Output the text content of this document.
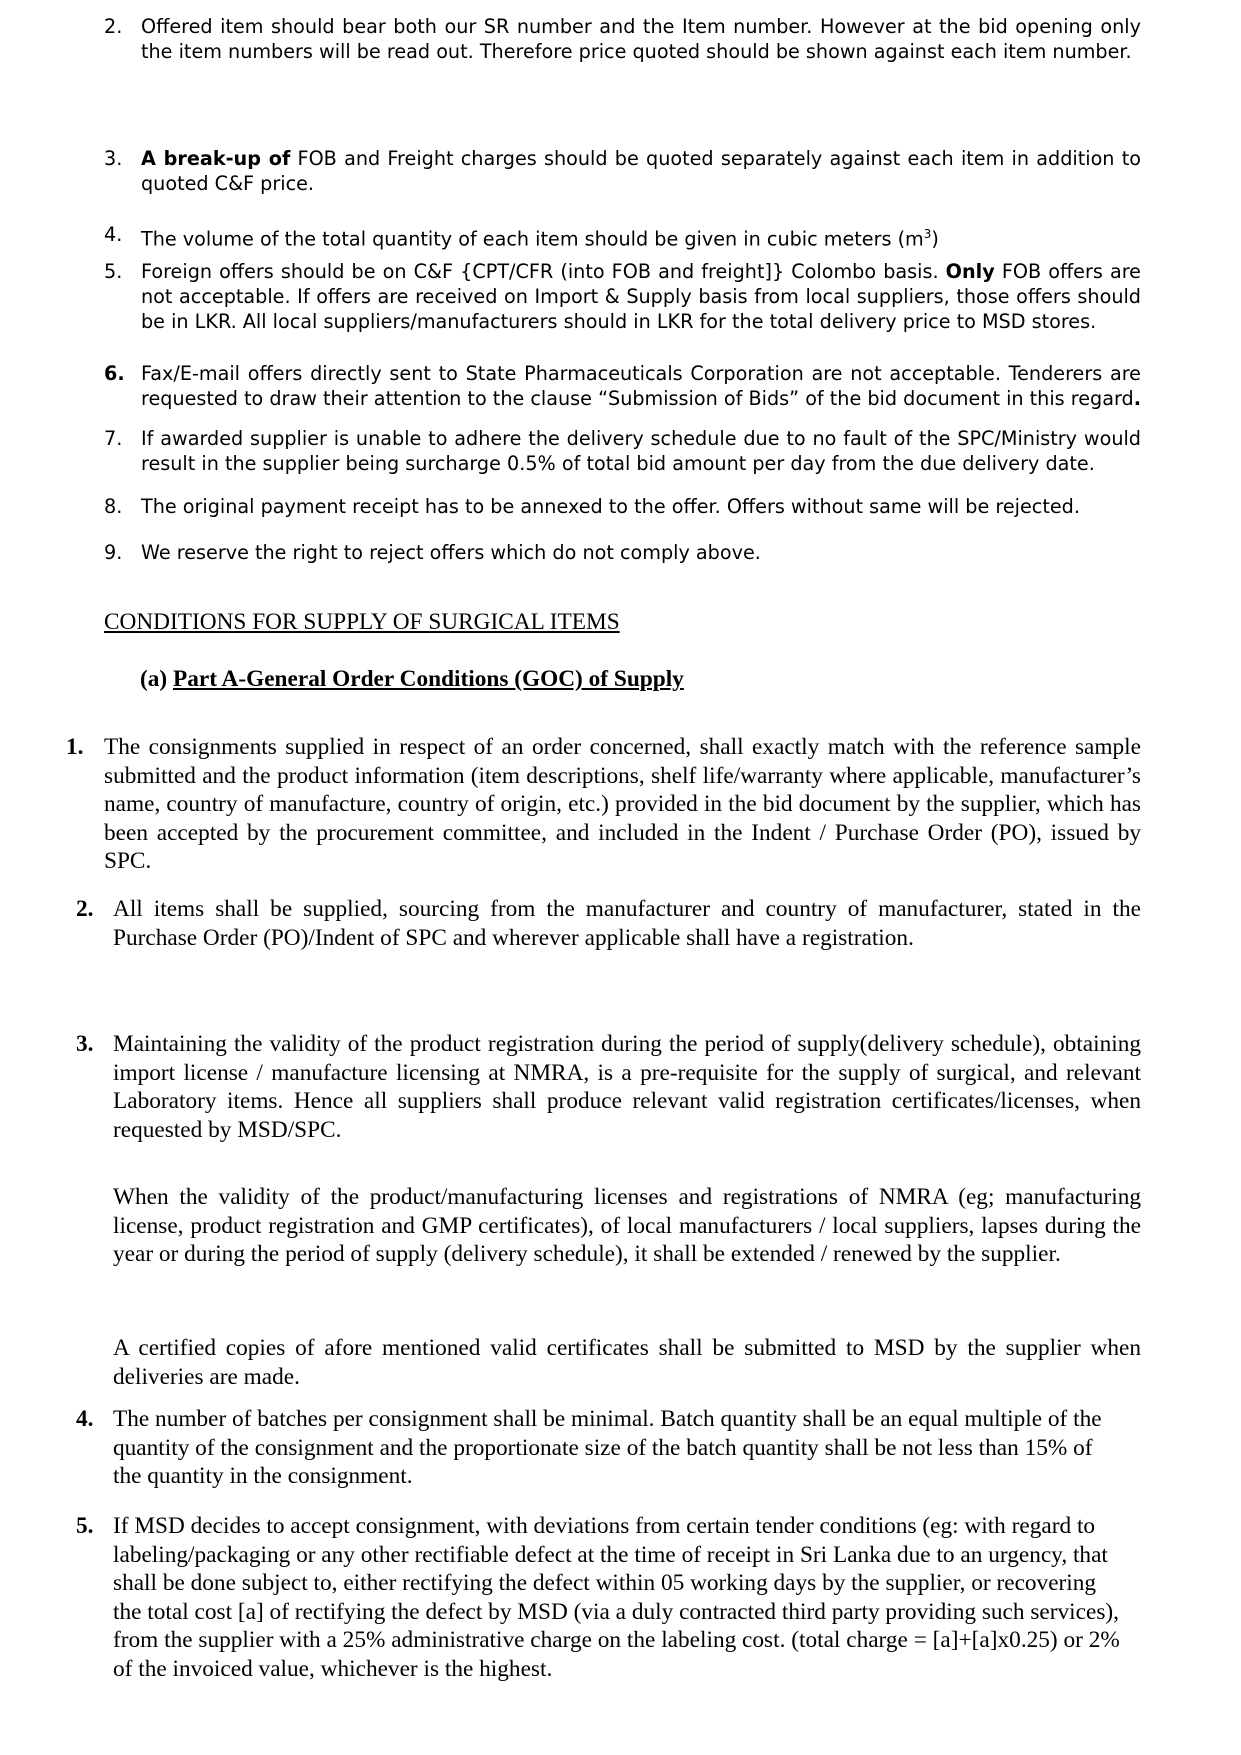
2. Offered item should bear both our SR number and the Item number. However at the bid opening only the item numbers will be read out. Therefore price quoted should be shown against each item number.
3. A break-up of FOB and Freight charges should be quoted separately against each item in addition to quoted C&F price.
4. The volume of the total quantity of each item should be given in cubic meters $(m^3)$
5. Foreign offers should be on C&F {CPT/CFR (into FOB and freight]} Colombo basis. Only FOB offers are not acceptable. If offers are received on Import & Supply basis from local suppliers, those offers should be in LKR. All local suppliers/manufacturers should in LKR for the total delivery price to MSD stores.
6. Fax/E-mail offers directly sent to State Pharmaceuticals Corporation are not acceptable. Tenderers are requested to draw their attention to the clause “Submission of Bids” of the bid document in this regard.
7. If awarded supplier is unable to adhere the delivery schedule due to no fault of the SPC/Ministry would result in the supplier being surcharge 0.5% of total bid amount per day from the due delivery date.
8. The original payment receipt has to be annexed to the offer. Offers without same will be rejected.
9. We reserve the right to reject offers which do not comply above.
CONDITIONS FOR SUPPLY OF SURGICAL ITEMS
(a) Part A-General Order Conditions (GOC) of Supply
1. The consignments supplied in respect of an order concerned, shall exactly match with the reference sample submitted and the product information (item descriptions, shelf life/warranty where applicable, manufacturer’s name, country of manufacture, country of origin, etc.) provided in the bid document by the supplier, which has been accepted by the procurement committee, and included in the Indent / Purchase Order (PO), issued by SPC.
2. All items shall be supplied, sourcing from the manufacturer and country of manufacturer, stated in the Purchase Order (PO)/Indent of SPC and wherever applicable shall have a registration.
3. Maintaining the validity of the product registration during the period of supply(delivery schedule), obtaining import license / manufacture licensing at NMRA, is a pre-requisite for the supply of surgical, and relevant Laboratory items. Hence all suppliers shall produce relevant valid registration certificates/licenses, when requested by MSD/SPC.
When the validity of the product/manufacturing licenses and registrations of NMRA (eg; manufacturing license, product registration and GMP certificates), of local manufacturers / local suppliers, lapses during the year or during the period of supply (delivery schedule), it shall be extended / renewed by the supplier.
A certified copies of afore mentioned valid certificates shall be submitted to MSD by the supplier when deliveries are made.
4. The number of batches per consignment shall be minimal. Batch quantity shall be an equal multiple of the quantity of the consignment and the proportionate size of the batch quantity shall be not less than 15% of the quantity in the consignment.
5. If MSD decides to accept consignment, with deviations from certain tender conditions (eg: with regard to labeling/packaging or any other rectifiable defect at the time of receipt in Sri Lanka due to an urgency, that shall be done subject to, either rectifying the defect within 05 working days by the supplier, or recovering the total cost [a] of rectifying the defect by MSD (via a duly contracted third party providing such services), from the supplier with a 25% administrative charge on the labeling cost. (total charge = [a]+[a]x0.25) or 2% of the invoiced value, whichever is the highest.
